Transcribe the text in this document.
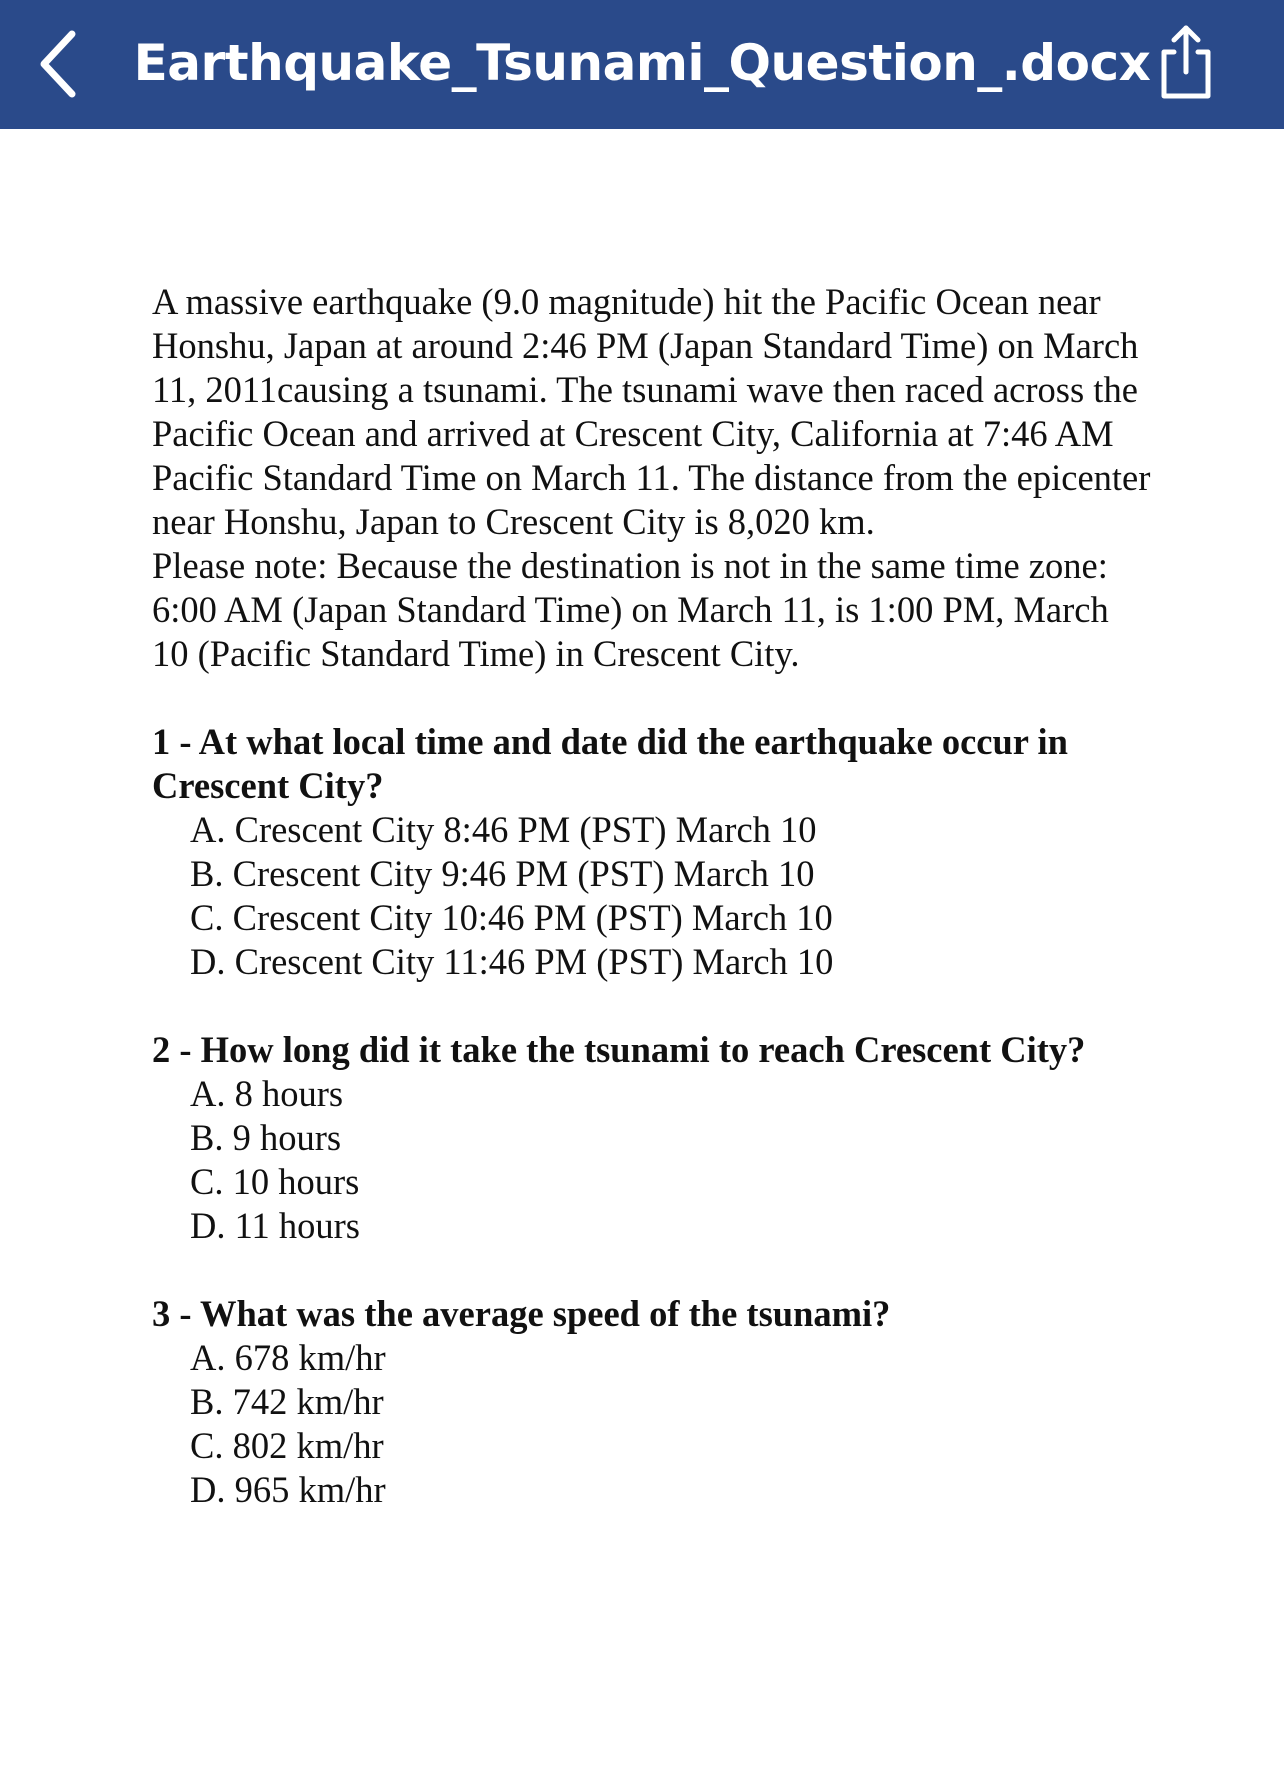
Earthquake_Tsunami_Question_.docx

A massive earthquake (9.0 magnitude) hit the Pacific Ocean near Honshu, Japan at around 2:46 PM (Japan Standard Time) on March 11, 2011causing a tsunami. The tsunami wave then raced across the Pacific Ocean and arrived at Crescent City, California at 7:46 AM Pacific Standard Time on March 11. The distance from the epicenter near Honshu, Japan to Crescent City is 8,020 km.

Please note: Because the destination is not in the same time zone: 6:00 AM (Japan Standard Time) on March 11, is 1:00 PM, March 10 (Pacific Standard Time) in Crescent City.

1 - At what local time and date did the earthquake occur in Crescent City?

A. Crescent City 8:46 PM (PST) March 10
B. Crescent City 9:46 PM (PST) March 10
C. Crescent City 10:46 PM (PST) March 10
D. Crescent City 11:46 PM (PST) March 10

2 - How long did it take the tsunami to reach Crescent City?

A. 8 hours
B. 9 hours
C. 10 hours
D. 11 hours

3 - What was the average speed of the tsunami?

A. 678 km/hr
B. 742 km/hr
C. 802 km/hr
D. 965 km/hr
